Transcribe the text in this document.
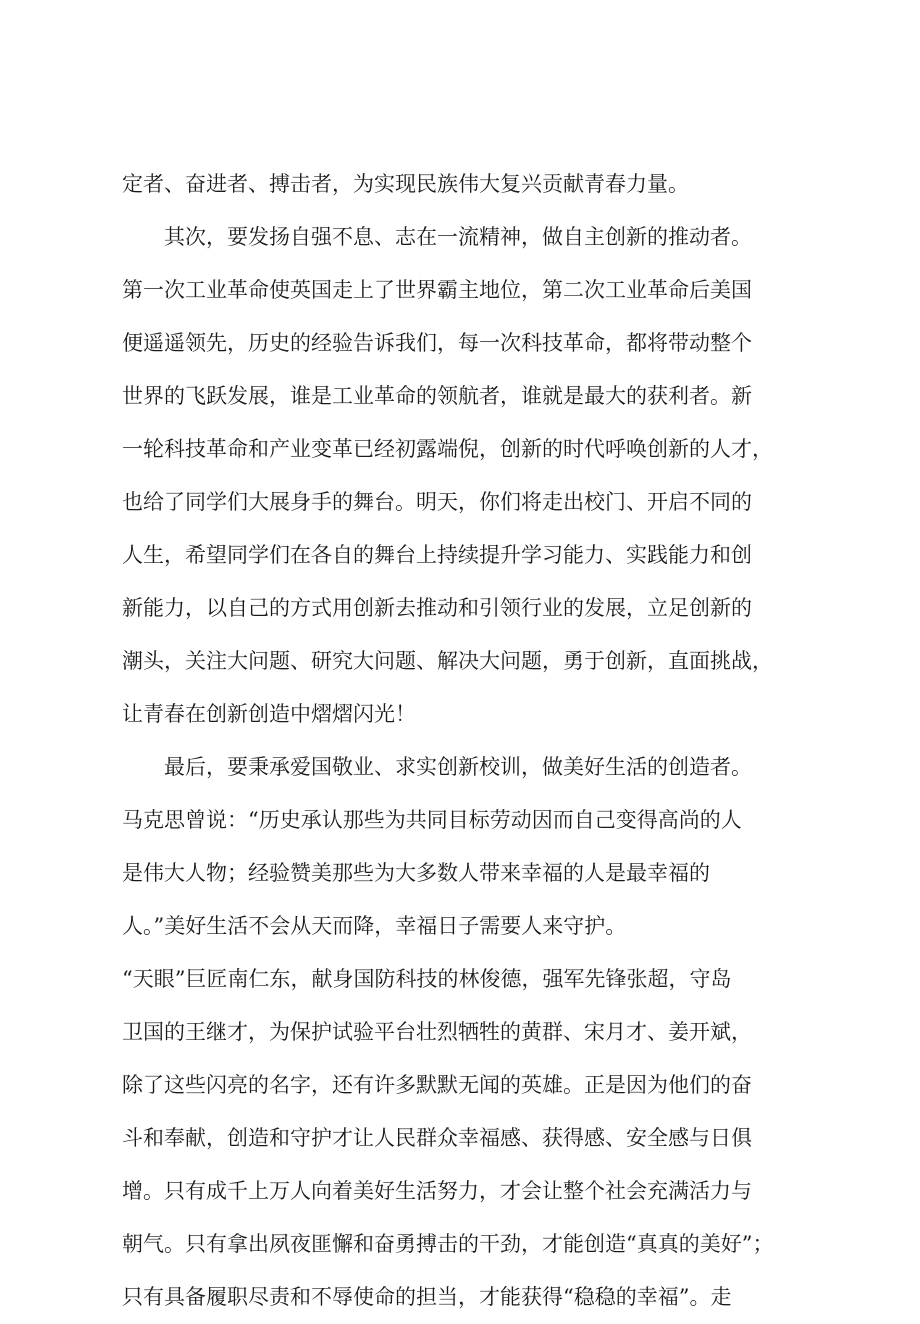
定者、奋进者、搏击者，为实现民族伟大复兴贡献青春力量。
其次，要发扬自强不息、志在一流精神，做自主创新的推动者。
第一次工业革命使英国走上了世界霸主地位，第二次工业革命后美国
便遥遥领先，历史的经验告诉我们，每一次科技革命，都将带动整个
世界的飞跃发展，谁是工业革命的领航者，谁就是最大的获利者。新
一轮科技革命和产业变革已经初露端倪，创新的时代呼唤创新的人才，
也给了同学们大展身手的舞台。明天，你们将走出校门、开启不同的
人生，希望同学们在各自的舞台上持续提升学习能力、实践能力和创
新能力，以自己的方式用创新去推动和引领行业的发展，立足创新的
潮头，关注大问题、研究大问题、解决大问题，勇于创新，直面挑战，
让青春在创新创造中熠熠闪光！
最后，要秉承爱国敬业、求实创新校训，做美好生活的创造者。
马克思曾说：“历史承认那些为共同目标劳动因而自己变得高尚的人
是伟大人物；经验赞美那些为大多数人带来幸福的人是最幸福的
人。”美好生活不会从天而降，幸福日子需要人来守护。
“天眼”巨匠南仁东，献身国防科技的林俊德，强军先锋张超，守岛
卫国的王继才，为保护试验平台壮烈牺牲的黄群、宋月才、姜开斌，
除了这些闪亮的名字，还有许多默默无闻的英雄。正是因为他们的奋
斗和奉献，创造和守护才让人民群众幸福感、获得感、安全感与日俱
增。只有成千上万人向着美好生活努力，才会让整个社会充满活力与
朝气。只有拿出夙夜匪懈和奋勇搏击的干劲，才能创造“真真的美好”；
只有具备履职尽责和不辱使命的担当，才能获得“稳稳的幸福”。走
